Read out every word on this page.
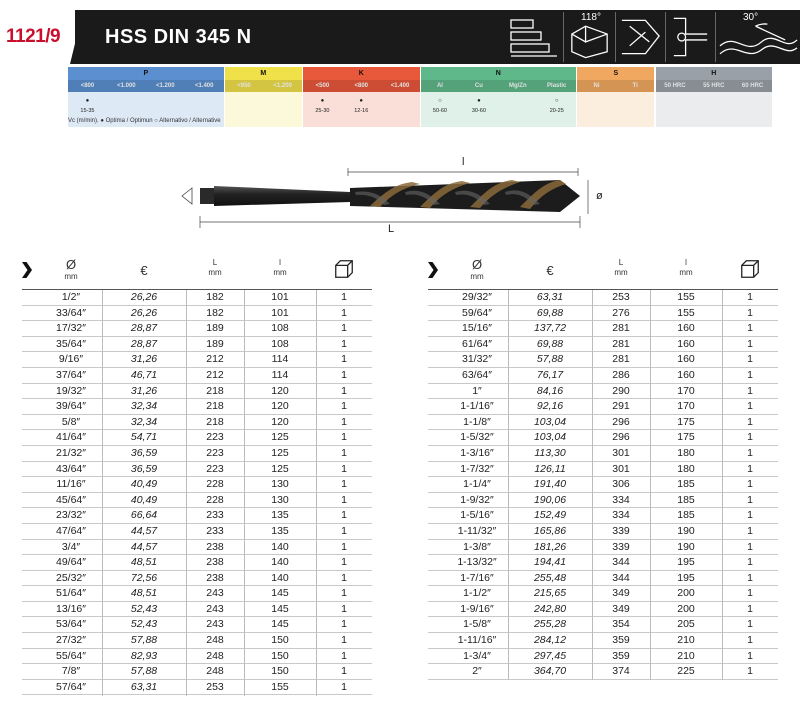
1121/9	HSS DIN 345 N
118°	30°
P
<800	<1.000	<1.200	<1.400
●
15-35
M
<950	<1.200
K
<500	<800	<1.400
●
25-30
●
12-16
N
Al	Cu	Mg/Zn	Plastic
○
50-60
●
30-60
○
20-25
S
Ni	Ti
H
50 HRC	55 HRC	60 HRC
Vc (m/min). ● Optima / Optimun ○ Alternativo / Alternative
l
L
ø
Ø
mm	€
L
mm
l
mm
1/2″	26,26	182	101	1
33/64″	26,26	182	101	1
17/32″	28,87	189	108	1
35/64″	28,87	189	108	1
9/16″	31,26	212	114	1
37/64″	46,71	212	114	1
19/32″	31,26	218	120	1
39/64″	32,34	218	120	1
5/8″	32,34	218	120	1
41/64″	54,71	223	125	1
21/32″	36,59	223	125	1
43/64″	36,59	223	125	1
11/16″	40,49	228	130	1
45/64″	40,49	228	130	1
23/32″	66,64	233	135	1
47/64″	44,57	233	135	1
3/4″	44,57	238	140	1
49/64″	48,51	238	140	1
25/32″	72,56	238	140	1
51/64″	48,51	243	145	1
13/16″	52,43	243	145	1
53/64″	52,43	243	145	1
27/32″	57,88	248	150	1
55/64″	82,93	248	150	1
7/8″	57,88	248	150	1
57/64″	63,31	253	155	1
Ø
mm	€
L
mm
l
mm
29/32″	63,31	253	155	1
59/64″	69,88	276	155	1
15/16″	137,72	281	160	1
61/64″	69,88	281	160	1
31/32″	57,88	281	160	1
63/64″	76,17	286	160	1
1″	84,16	290	170	1
1-1/16″	92,16	291	170	1
1-1/8″	103,04	296	175	1
1-5/32″	103,04	296	175	1
1-3/16″	113,30	301	180	1
1-7/32″	126,11	301	180	1
1-1/4″	191,40	306	185	1
1-9/32″	190,06	334	185	1
1-5/16″	152,49	334	185	1
1-11/32″	165,86	339	190	1
1-3/8″	181,26	339	190	1
1-13/32″	194,41	344	195	1
1-7/16″	255,48	344	195	1
1-1/2″	215,65	349	200	1
1-9/16″	242,80	349	200	1
1-5/8″	255,28	354	205	1
1-11/16″	284,12	359	210	1
1-3/4″	297,45	359	210	1
2″	364,70	374	225	1
